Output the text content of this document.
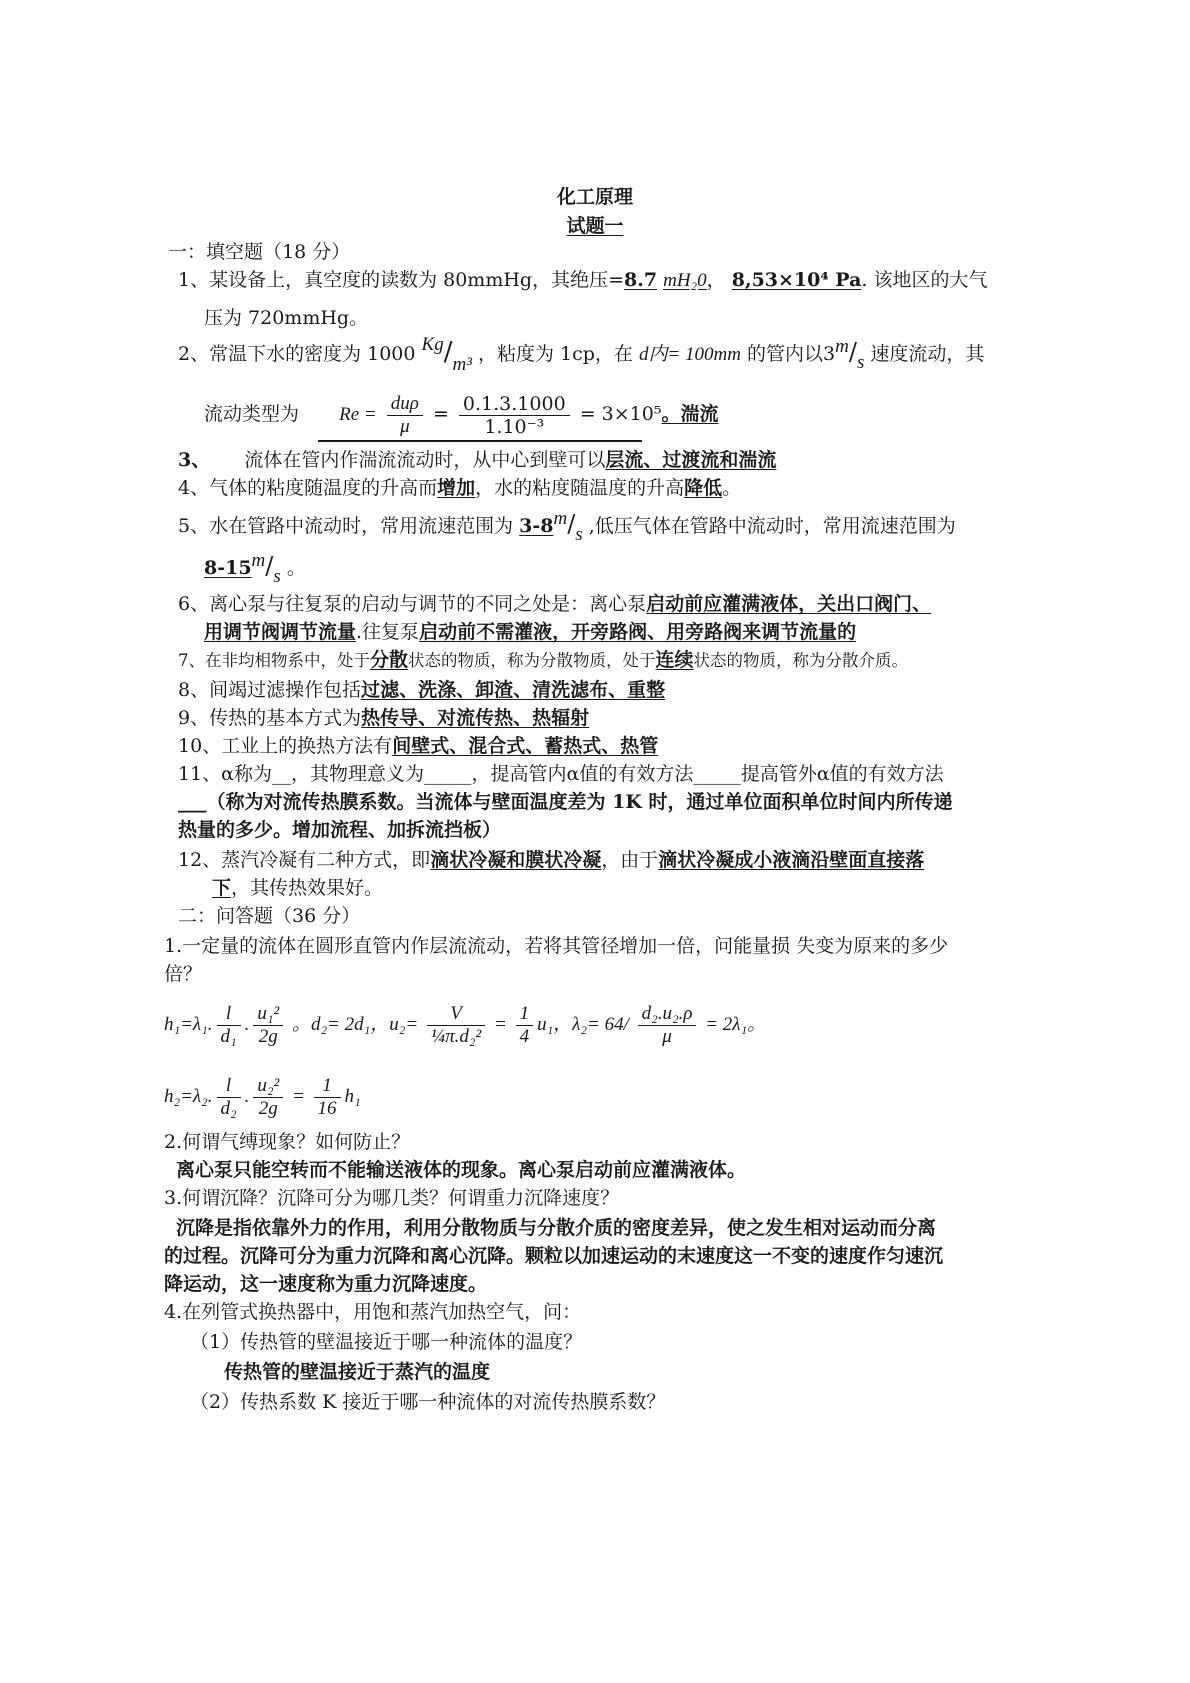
化工原理
试题一
一：填空题（18 分）
1、某设备上，真空度的读数为 80mmHg，其绝压=8.7 mH₂0， 8,53×10⁴ Pa. 该地区的大气
压为 720mmHg。
2、常温下水的密度为 1000 Kg/m³ ，粘度为 1cp，在 d内= 100mm 的管内以3m/s 速度流动，其
流动类型为 $Re = \frac{\text{duρ}}{\mu} = \frac{0.1.3.1000}{\text{1.10⁻³}} = 3\times 10^5$。湍流
3、 流体在管内作湍流流动时，从中心到壁可以层流、过渡流和湍流
4、气体的粘度随温度的升高而增加，水的粘度随温度的升高降低。
5、水在管路中流动时，常用流速范围为 3-8m/s ,低压气体在管路中流动时，常用流速范围为
8-15m/s 。
6、离心泵与往复泵的启动与调节的不同之处是：离心泵启动前应灌满液体，关出口阀门、
用调节阀调节流量.往复泵启动前不需灌液，开旁路阀、用旁路阀来调节流量的
7、在非均相物系中，处于分散状态的物质，称为分散物质，处于连续状态的物质，称为分散介质。
8、间竭过滤操作包括过滤、洗涤、卸渣、清洗滤布、重整
9、传热的基本方式为热传导、对流传热、热辐射
10、工业上的换热方法有间壁式、混合式、蓄热式、热管
11、α称为__，其物理意义为_____，提高管内α值的有效方法_____提高管外α值的有效方法
___（称为对流传热膜系数。当流体与壁面温度差为 1K 时，通过单位面积单位时间内所传递
热量的多少。增加流程、加拆流挡板）
12、蒸汽冷凝有二种方式，即滴状冷凝和膜状冷凝，由于滴状冷凝成小液滴沿壁面直接落
下，其传热效果好。
二：问答题（36 分）
1.一定量的流体在圆形直管内作层流流动，若将其管径增加一倍，问能量损 失变为原来的多少
倍？
h₁=λ₁. $\frac{l}{\text{d₁}}$ . $\frac{\text{u₁²}}{2g}$ 。d₂= 2d₁，$u_2= \frac{V}{\text{¼π.d₂²}} = \frac{1}{4} u_1$，$\lambda_2= 64/ \frac{\text{d₂.u₂.ρ}}{\mu} = 2\lambda_1$。
h₂=λ₂. $\frac{l}{\text{d₂}}$ . $\frac{\text{u₂²}}{2g} = \frac{1}{16} h_1$
2.何谓气缚现象？如何防止？
离心泵只能空转而不能输送液体的现象。离心泵启动前应灌满液体。
3.何谓沉降？沉降可分为哪几类？何谓重力沉降速度？
沉降是指依靠外力的作用，利用分散物质与分散介质的密度差异，使之发生相对运动而分离
的过程。沉降可分为重力沉降和离心沉降。颗粒以加速运动的末速度这一不变的速度作匀速沉
降运动，这一速度称为重力沉降速度。
4.在列管式换热器中，用饱和蒸汽加热空气，问：
（1）传热管的壁温接近于哪一种流体的温度？
传热管的壁温接近于蒸汽的温度
（2）传热系数 K 接近于哪一种流体的对流传热膜系数？
